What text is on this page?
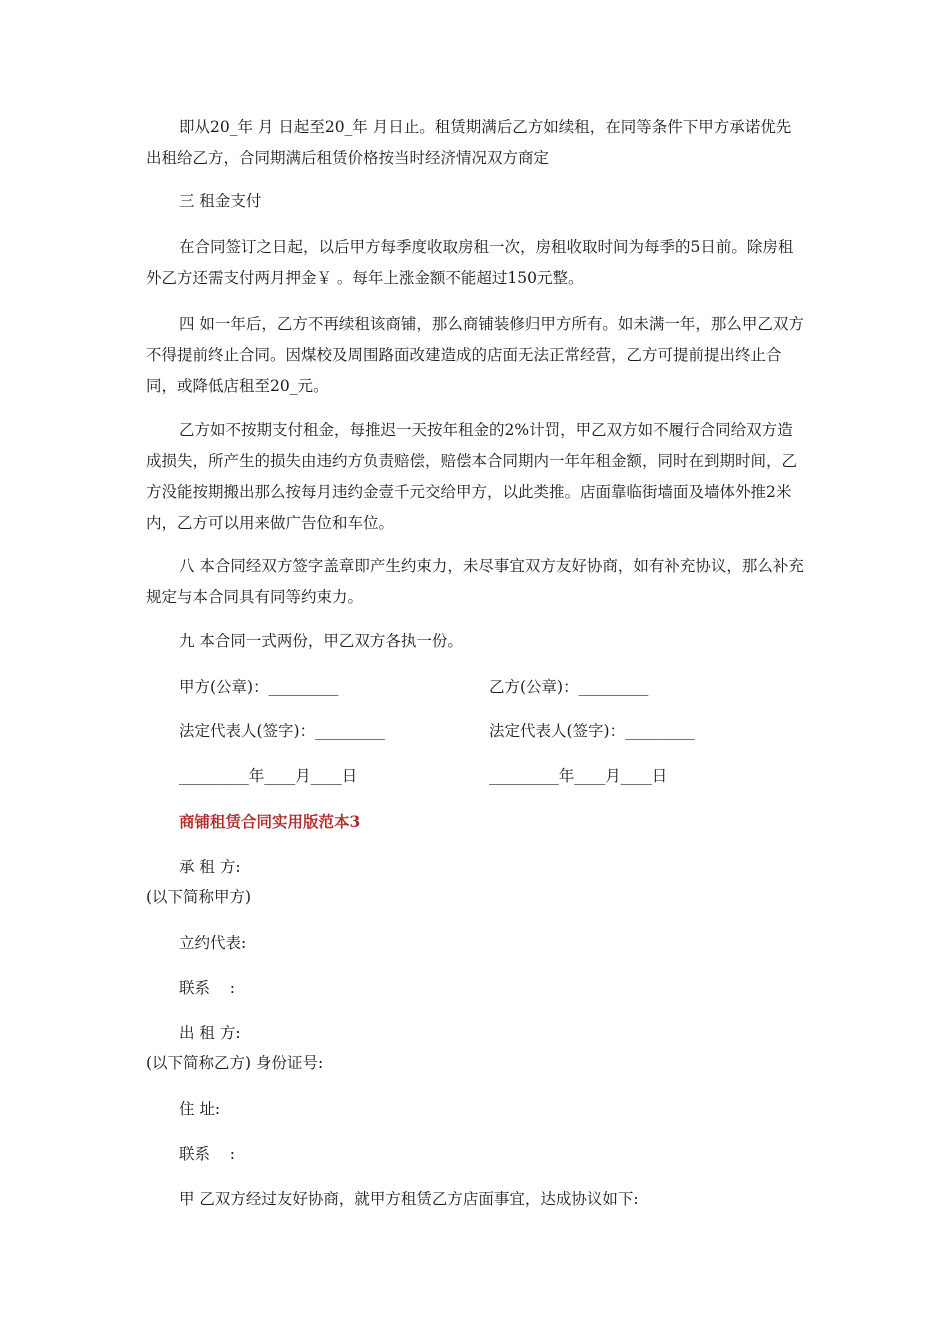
即从20_年 月 日起至20_年 月日止。租赁期满后乙方如续租，在同等条件下甲方承诺优先出租给乙方，合同期满后租赁价格按当时经济情况双方商定

三 租金支付

在合同签订之日起，以后甲方每季度收取房租一次，房租收取时间为每季的5日前。除房租外乙方还需支付两月押金￥ 。每年上涨金额不能超过150元整。

四 如一年后，乙方不再续租该商铺，那么商铺装修归甲方所有。如未满一年，那么甲乙双方不得提前终止合同。因煤校及周围路面改建造成的店面无法正常经营，乙方可提前提出终止合同，或降低店租至20_元。

乙方如不按期支付租金，每推迟一天按年租金的2%计罚，甲乙双方如不履行合同给双方造成损失，所产生的损失由违约方负责赔偿，赔偿本合同期内一年年租金额，同时在到期时间，乙方没能按期搬出那么按每月违约金壹千元交给甲方，以此类推。店面靠临街墙面及墙体外推2米内，乙方可以用来做广告位和车位。

八 本合同经双方签字盖章即产生约束力，未尽事宜双方友好协商，如有补充协议，那么补充规定与本合同具有同等约束力。

九 本合同一式两份，甲乙双方各执一份。

甲方(公章)：_________	乙方(公章)：_________

法定代表人(签字)：_________	法定代表人(签字)：_________

_________年____月____日	_________年____月____日

商铺租赁合同实用版范本3

承 租 方:

(以下简称甲方)

立约代表:

联系    :

出 租 方:

(以下简称乙方) 身份证号:

住 址:

联系    :

甲 乙双方经过友好协商，就甲方租赁乙方店面事宜，达成协议如下:
